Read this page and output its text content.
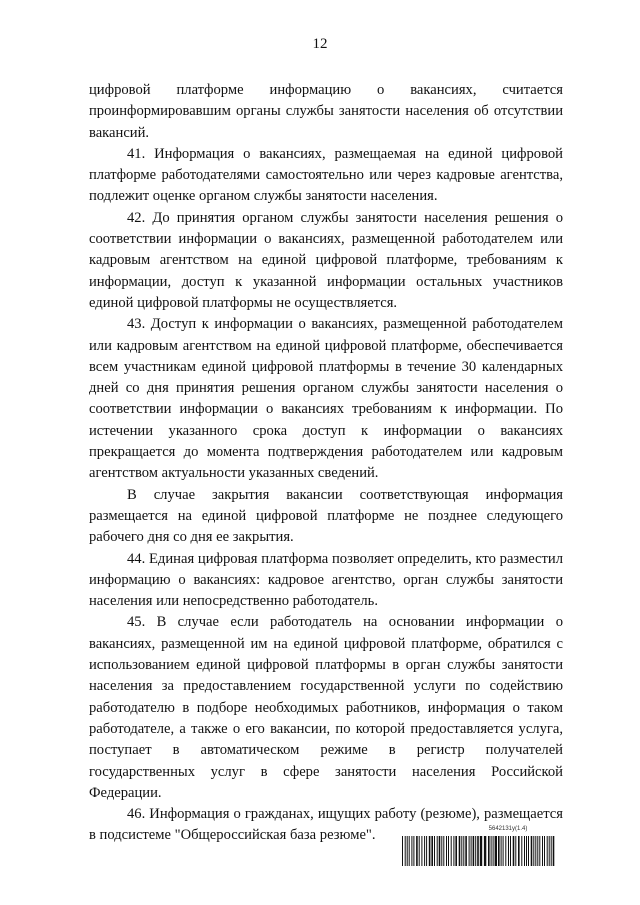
12

цифровой платформе информацию о вакансиях, считается проинформировавшим органы службы занятости населения об отсутствии вакансий.

41. Информация о вакансиях, размещаемая на единой цифровой платформе работодателями самостоятельно или через кадровые агентства, подлежит оценке органом службы занятости населения.

42. До принятия органом службы занятости населения решения о соответствии информации о вакансиях, размещенной работодателем или кадровым агентством на единой цифровой платформе, требованиям к информации, доступ к указанной информации остальных участников единой цифровой платформы не осуществляется.

43. Доступ к информации о вакансиях, размещенной работодателем или кадровым агентством на единой цифровой платформе, обеспечивается всем участникам единой цифровой платформы в течение 30 календарных дней со дня принятия решения органом службы занятости населения о соответствии информации о вакансиях требованиям к информации. По истечении указанного срока доступ к информации о вакансиях прекращается до момента подтверждения работодателем или кадровым агентством актуальности указанных сведений.

В случае закрытия вакансии соответствующая информация размещается на единой цифровой платформе не позднее следующего рабочего дня со дня ее закрытия.

44. Единая цифровая платформа позволяет определить, кто разместил информацию о вакансиях: кадровое агентство, орган службы занятости населения или непосредственно работодатель.

45. В случае если работодатель на основании информации о вакансиях, размещенной им на единой цифровой платформе, обратился с использованием единой цифровой платформы в орган службы занятости населения за предоставлением государственной услуги по содействию работодателю в подборе необходимых работников, информация о таком работодателе, а также о его вакансии, по которой предоставляется услуга, поступает в автоматическом режиме в регистр получателей государственных услуг в сфере занятости населения Российской Федерации.

46. Информация о гражданах, ищущих работу (резюме), размещается в подсистеме "Общероссийская база резюме".	5642131у(1.4)
